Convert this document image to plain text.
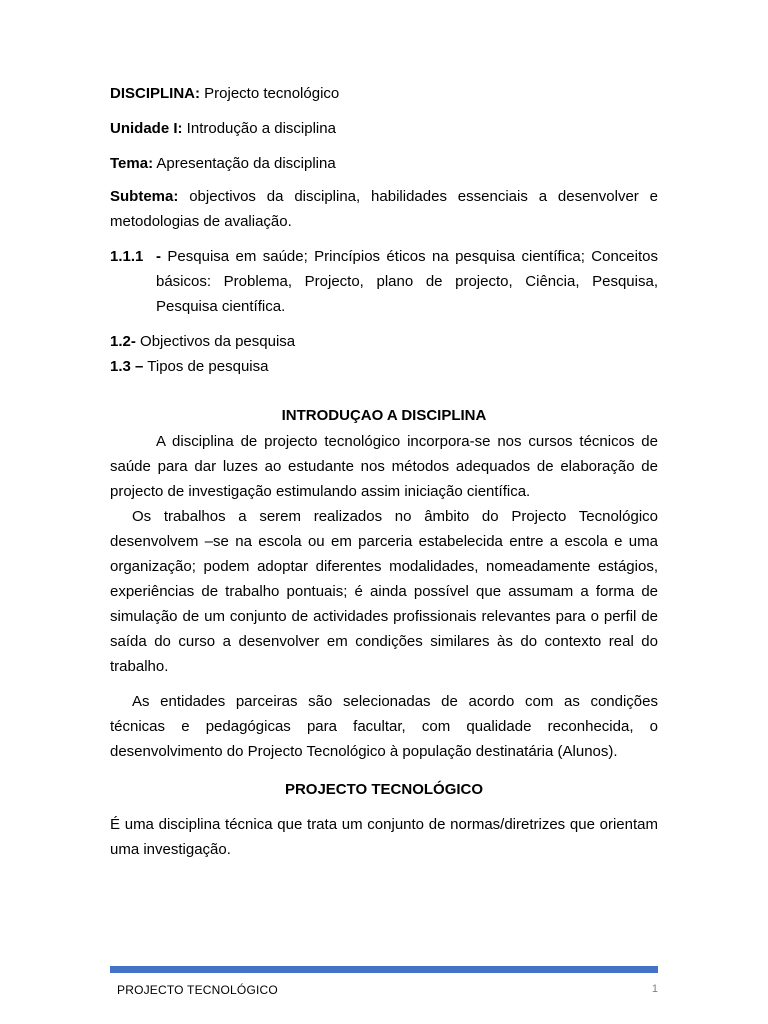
DISCIPLINA: Projecto tecnológico

Unidade I: Introdução a disciplina

Tema: Apresentação da disciplina

Subtema: objectivos da disciplina, habilidades essenciais a desenvolver e metodologias de avaliação.

1.1.1 - Pesquisa em saúde; Princípios éticos na pesquisa científica; Conceitos básicos: Problema, Projecto, plano de projecto, Ciência, Pesquisa, Pesquisa científica.

1.2- Objectivos da pesquisa

1.3 – Tipos de pesquisa

INTRODUÇAO A DISCIPLINA

A disciplina de projecto tecnológico incorpora-se nos cursos técnicos de saúde para dar luzes ao estudante nos métodos adequados de elaboração de projecto de investigação estimulando assim iniciação científica.

Os trabalhos a serem realizados no âmbito do Projecto Tecnológico desenvolvem –se na escola ou em parceria estabelecida entre a escola e uma organização; podem adoptar diferentes modalidades, nomeadamente estágios, experiências de trabalho pontuais; é ainda possível que assumam a forma de simulação de um conjunto de actividades profissionais relevantes para o perfil de saída do curso a desenvolver em condições similares às do contexto real do trabalho.

As entidades parceiras são selecionadas de acordo com as condições técnicas e pedagógicas para facultar, com qualidade reconhecida, o desenvolvimento do Projecto Tecnológico à população destinatária (Alunos).

PROJECTO TECNOLÓGICO

É uma disciplina técnica que trata um conjunto de normas/diretrizes que orientam uma investigação.

PROJECTO TECNOLÓGICO	1
